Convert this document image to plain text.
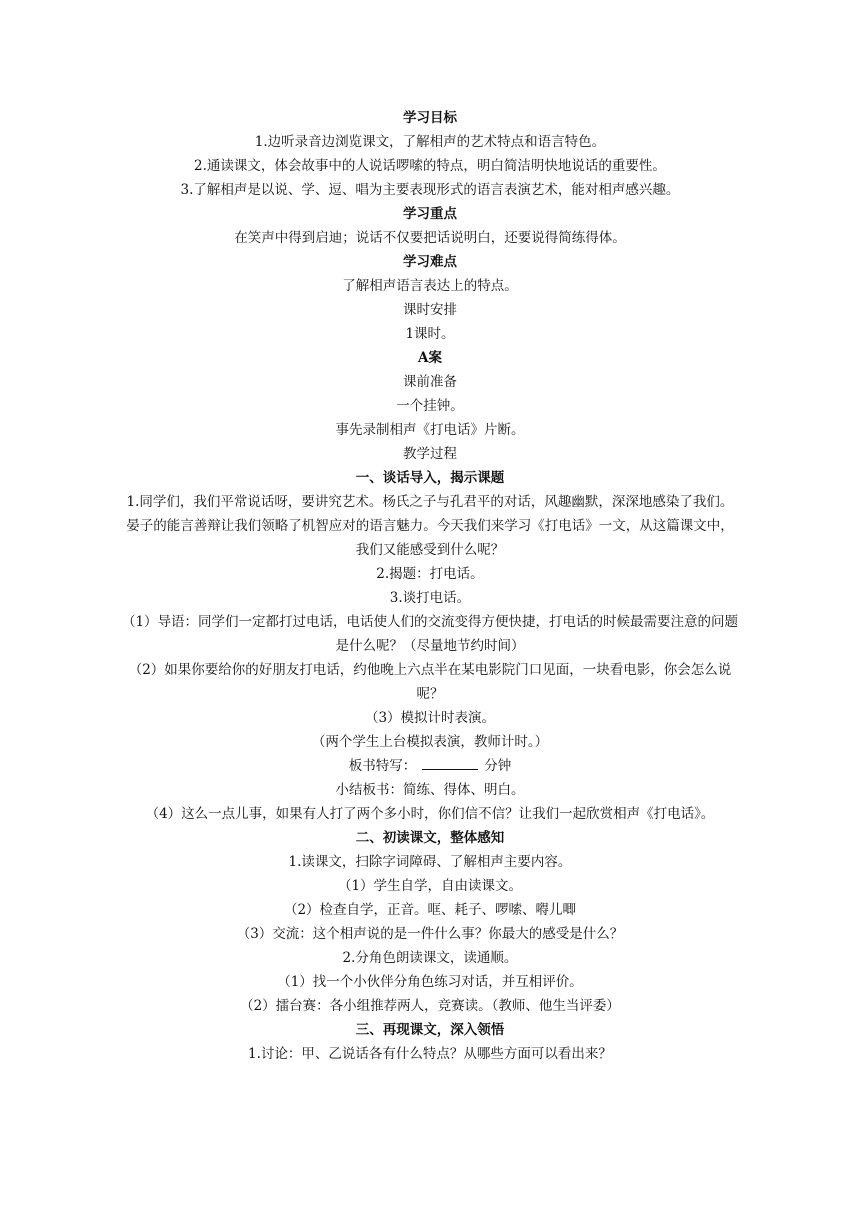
学习目标
1.边听录音边浏览课文，了解相声的艺术特点和语言特色。
2.通读课文，体会故事中的人说话啰嗦的特点，明白简洁明快地说话的重要性。
3.了解相声是以说、学、逗、唱为主要表现形式的语言表演艺术，能对相声感兴趣。
学习重点
在笑声中得到启迪；说话不仅要把话说明白，还要说得简练得体。
学习难点
了解相声语言表达上的特点。
课时安排
1课时。
A案
课前准备
一个挂钟。
事先录制相声《打电话》片断。
教学过程
一、谈话导入，揭示课题
1.同学们，我们平常说话呀，要讲究艺术。杨氏之子与孔君平的对话，风趣幽默，深深地感染了我们。晏子的能言善辩让我们领略了机智应对的语言魅力。今天我们来学习《打电话》一文，从这篇课文中，我们又能感受到什么呢？
2.揭题：打电话。
3.谈打电话。
（1）导语：同学们一定都打过电话，电话使人们的交流变得方便快捷，打电话的时候最需要注意的问题是什么呢？（尽量地节约时间）
（2）如果你要给你的好朋友打电话，约他晚上六点半在某电影院门口见面，一块看电影，你会怎么说呢？
（3）模拟计时表演。
（两个学生上台模拟表演，教师计时。）
板书特写：	分钟
小结板书：简练、得体、明白。
（4）这么一点儿事，如果有人打了两个多小时，你们信不信？让我们一起欣赏相声《打电话》。
二、初读课文，整体感知
1.读课文，扫除字词障碍、了解相声主要内容。
（1）学生自学，自由读课文。
（2）检查自学，正音。哐、耗子、啰嗦、嘚儿唧
（3）交流：这个相声说的是一件什么事？你最大的感受是什么？
2.分角色朗读课文，读通顺。
（1）找一个小伙伴分角色练习对话，并互相评价。
（2）擂台赛：各小组推荐两人，竞赛读。（教师、他生当评委）
三、再现课文，深入领悟
1.讨论：甲、乙说话各有什么特点？从哪些方面可以看出来？
